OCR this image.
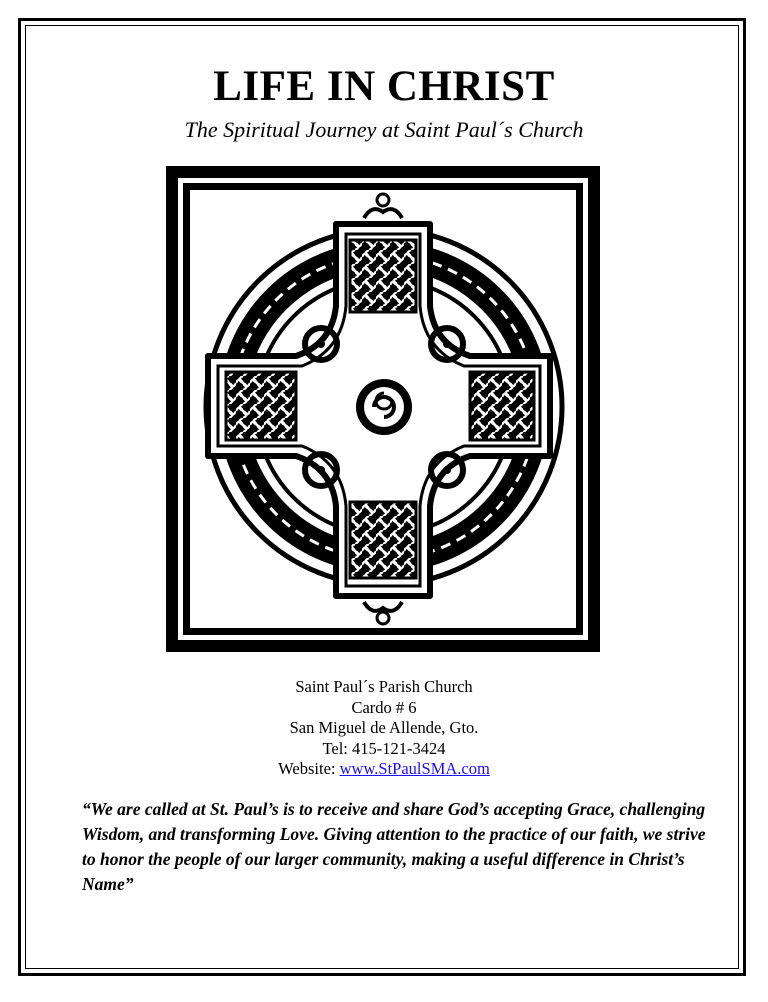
LIFE IN CHRIST

The Spiritual Journey at Saint Paul´s Church

Saint Paul´s Parish Church
Cardo # 6
San Miguel de Allende, Gto.
Tel: 415-121-3424
Website: www.StPaulSMA.com

“We are called at St. Paul’s is to receive and share God’s accepting Grace, challenging Wisdom, and transforming Love. Giving attention to the practice of our faith, we strive to honor the people of our larger community, making a useful difference in Christ’s Name”
